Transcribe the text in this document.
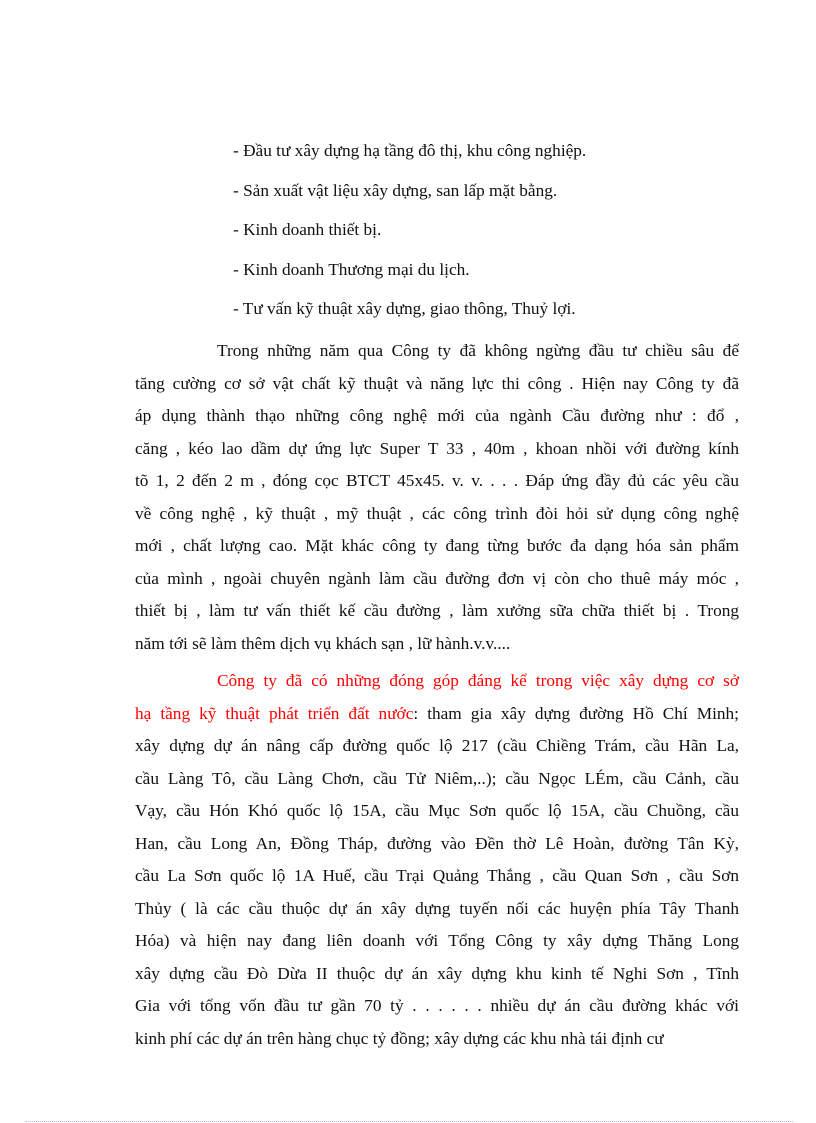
- Đầu tư xây dựng hạ tầng đô thị, khu công nghiệp.
- Sản xuất vật liệu xây dựng, san lấp mặt bằng.
- Kinh doanh thiết bị.
- Kinh doanh Thương mại du lịch.
- Tư vấn kỹ thuật xây dựng, giao thông, Thuỷ lợi.
Trong những năm qua Công ty đã không ngừng đầu tư chiều sâu để
tăng cường cơ sở vật chất kỹ thuật và năng lực thi công . Hiện nay Công ty đã
áp dụng thành thạo những công nghệ mới của ngành Cầu đường như : đổ ,
căng , kéo lao dầm dự ứng lực Super T 33 , 40m , khoan nhồi với đường kính
tõ 1, 2 đến 2 m , đóng cọc BTCT 45x45. v. v. . . . Đáp ứng đầy đủ các yêu cầu
về công nghệ , kỹ thuật , mỹ thuật , các công trình đòi hỏi sử dụng công nghệ
mới , chất lượng cao. Mặt khác công ty đang từng bước đa dạng hóa sản phẩm
của mình , ngoài chuyên ngành làm cầu đường đơn vị còn cho thuê máy móc ,
thiết bị , làm tư vấn thiết kế cầu đường , làm xưởng sữa chữa thiết bị . Trong
năm tới sẽ làm thêm dịch vụ khách sạn , lữ hành.v.v....
Công ty đã có những đóng góp đáng kể trong việc xây dựng cơ sở
hạ tầng kỹ thuật phát triển đất nước: tham gia xây dựng đường Hồ Chí Minh;
xây dựng dự án nâng cấp đường quốc lộ 217 (cầu Chiềng Trám, cầu Hãn La,
cầu Làng Tô, cầu Làng Chơn, cầu Tử Niêm,..); cầu Ngọc LÉm, cầu Cảnh, cầu
Vạy, cầu Hón Khó quốc lộ 15A, cầu Mục Sơn quốc lộ 15A, cầu Chuồng, cầu
Han, cầu Long An, Đồng Tháp, đường vào Đền thờ Lê Hoàn, đường Tân Kỳ,
cầu La Sơn quốc lộ 1A Huế, cầu Trại Quảng Thắng , cầu Quan Sơn , cầu Sơn
Thủy ( là các cầu thuộc dự án xây dựng tuyến nối các huyện phía Tây Thanh
Hóa) và hiện nay đang liên doanh với Tổng Công ty xây dựng Thăng Long
xây dựng cầu Đò Dừa II thuộc dự án xây dựng khu kinh tế Nghi Sơn , Tĩnh
Gia với tổng vốn đầu tư gần 70 tỷ . . . . . . nhiều dự án cầu đường khác với
kinh phí các dự án trên hàng chục tỷ đồng; xây dựng các khu nhà tái định cư
